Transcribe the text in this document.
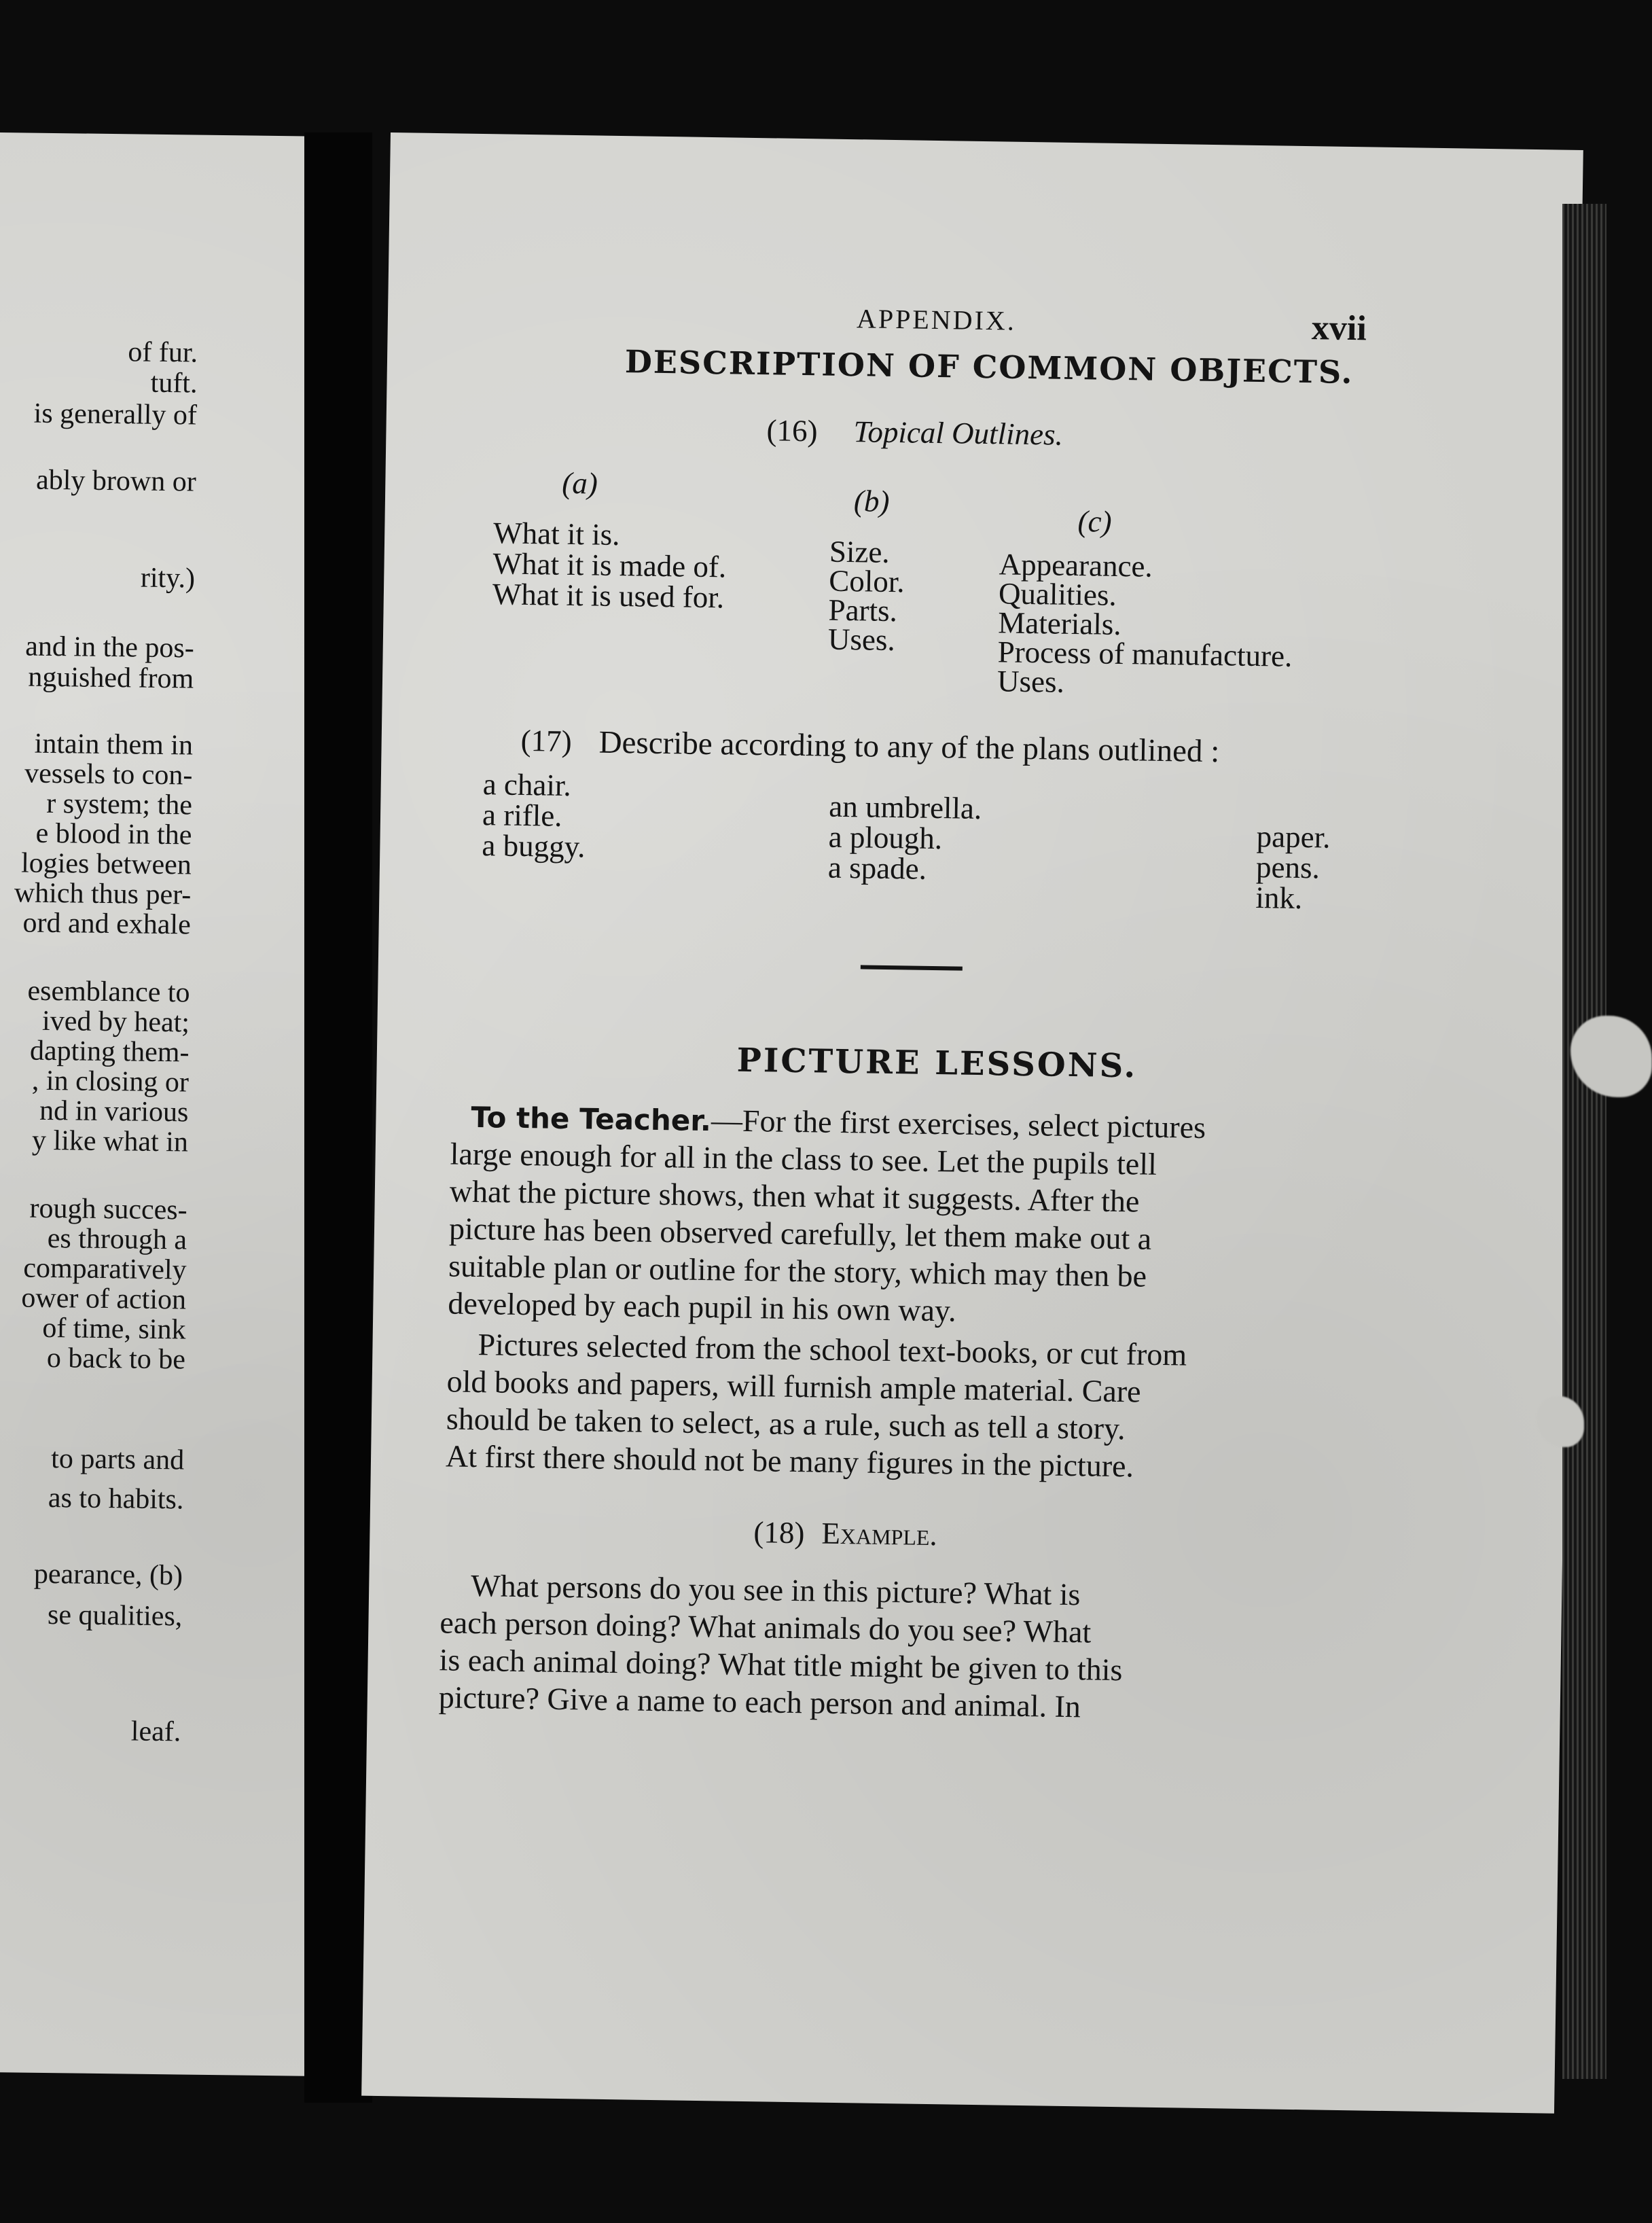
of fur.
tuft.
is generally of
ably brown or
rity.)
and in the pos-
nguished from
intain them in
vessels to con-
r system; the
e blood in the
logies between
which thus per-
ord and exhale
esemblance to
ived by heat;
dapting them-
, in closing or
nd in various
y like what in
rough succes-
es through a
comparatively
ower of action
of time, sink
o back to be
to parts and
as to habits.
pearance, (b)
se qualities,
leaf.
APPENDIX.	xvii
DESCRIPTION OF COMMON OBJECTS.
(16) Topical Outlines.
(a)
What it is.
What it is made of.
What it is used for.
(b)
Size.
Color.
Parts.
Uses.
(c)
Appearance.
Qualities.
Materials.
Process of manufacture.
Uses.
(17) Describe according to any of the plans outlined :
a chair.
a rifle.
a buggy.
an umbrella.
a plough.
a spade.
paper.
pens.
ink.
PICTURE LESSONS.
To the Teacher.—For the first exercises, select pictures
large enough for all in the class to see. Let the pupils tell
what the picture shows, then what it suggests. After the
picture has been observed carefully, let them make out a
suitable plan or outline for the story, which may then be
developed by each pupil in his own way.
Pictures selected from the school text-books, or cut from
old books and papers, will furnish ample material. Care
should be taken to select, as a rule, such as tell a story.
At first there should not be many figures in the picture.
(18) Example.
What persons do you see in this picture? What is
each person doing? What animals do you see? What
is each animal doing? What title might be given to this
picture? Give a name to each person and animal. In
